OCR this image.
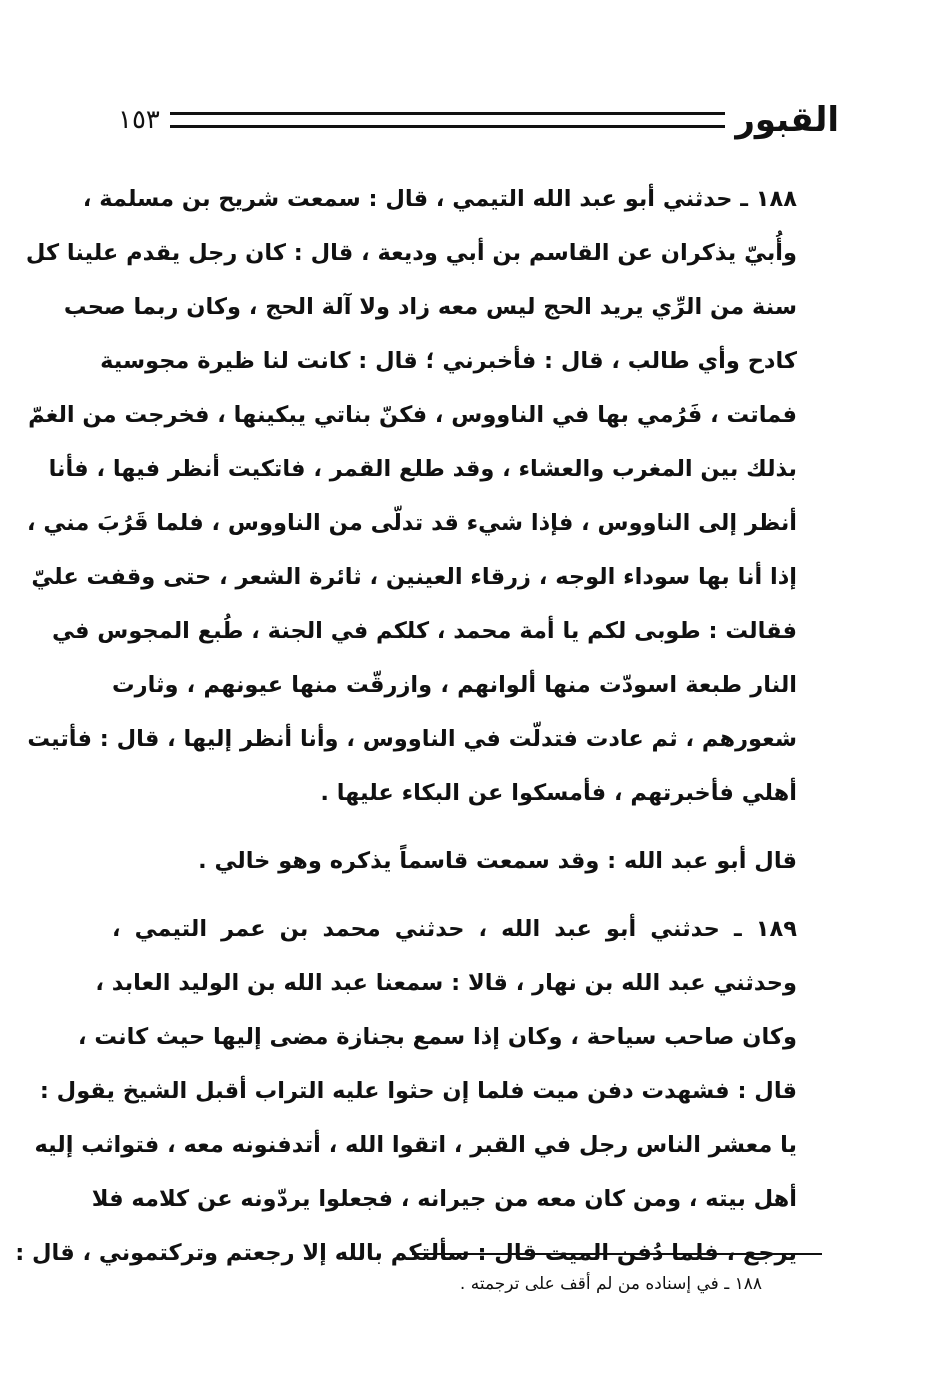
القبور
١٥٣

١٨٨ ـ حدثني أبو عبد الله التيمي ، قال : سمعت شريح بن مسلمة ،
وأُبيّ يذكران عن القاسم بن أبي وديعة ، قال : كان رجل يقدم علينا كل
سنة من الرِّي يريد الحج ليس معه زاد ولا آلة الحج ، وكان ربما صحب
كادح وأي طالب ، قال : فأخبرني ؛ قال : كانت لنا ظيرة مجوسية
فماتت ، فَرُمي بها في الناووس ، فكنّ بناتي يبكينها ، فخرجت من الغمّ
بذلك بين المغرب والعشاء ، وقد طلع القمر ، فاتكيت أنظر فيها ، فأنا
أنظر إلى الناووس ، فإذا شيء قد تدلّى من الناووس ، فلما قَرُبَ مني ،
إذا أنا بها سوداء الوجه ، زرقاء العينين ، ثائرة الشعر ، حتى وقفت عليّ
فقالت : طوبى لكم يا أمة محمد ، كلكم في الجنة ، طُبع المجوس في
النار طبعة اسودّت منها ألوانهم ، وازرقّت منها عيونهم ، وثارت
شعورهم ، ثم عادت فتدلّت في الناووس ، وأنا أنظر إليها ، قال : فأتيت
أهلي فأخبرتهم ، فأمسكوا عن البكاء عليها .

قال أبو عبد الله : وقد سمعت قاسماً يذكره وهو خالي .

١٨٩ ـ حدثني أبو عبد الله ، حدثني محمد بن عمر التيمي ،
وحدثني عبد الله بن نهار ، قالا : سمعنا عبد الله بن الوليد العابد ،
وكان صاحب سياحة ، وكان إذا سمع بجنازة مضى إليها حيث كانت ،
قال : فشهدت دفن ميت فلما إن حثوا عليه التراب أقبل الشيخ يقول :
يا معشر الناس رجل في القبر ، اتقوا الله ، أتدفنونه معه ، فتواثب إليه
أهل بيته ، ومن كان معه من جيرانه ، فجعلوا يردّونه عن كلامه فلا
يرجع ، فلما دُفن الميت قال : سألتكم بالله إلا رجعتم وتركتموني ، قال :

١٨٨ ـ في إسناده من لم أقف على ترجمته .
